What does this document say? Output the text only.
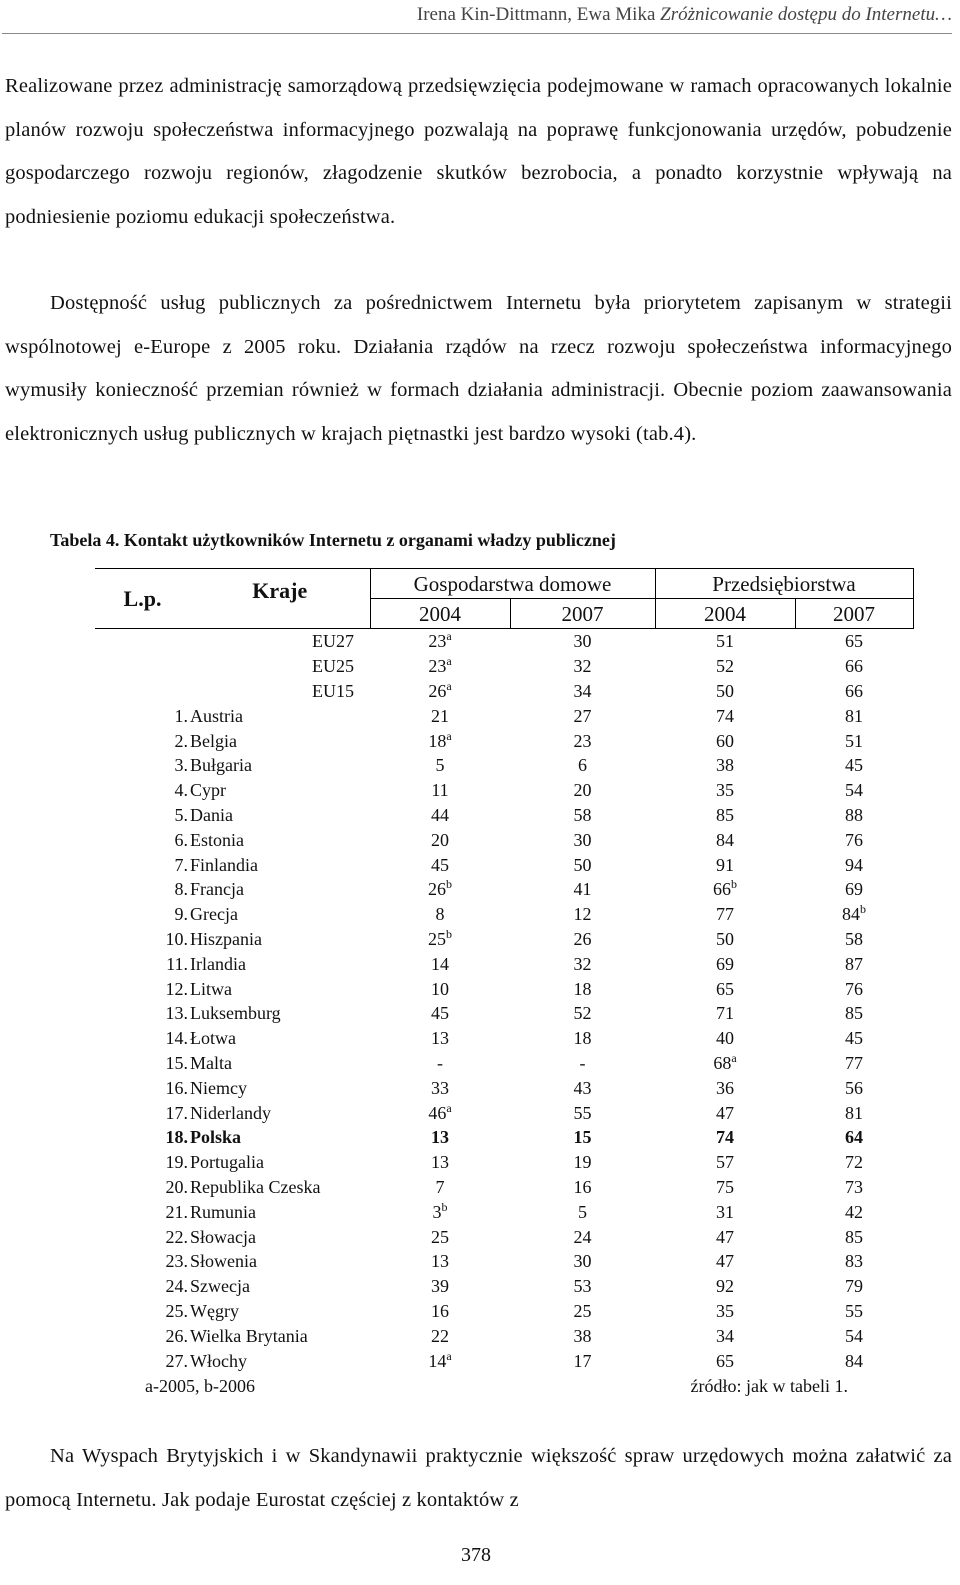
Irena Kin-Dittmann, Ewa Mika Zróżnicowanie dostępu do Internetu…
Realizowane przez administrację samorządową przedsięwzięcia podejmowane w ramach opracowanych lokalnie planów rozwoju społeczeństwa informacyjnego pozwalają na poprawę funkcjonowania urzędów, pobudzenie gospodarczego rozwoju regionów, złagodzenie skutków bezrobocia, a ponadto korzystnie wpływają na podniesienie poziomu edukacji społeczeństwa.
Dostępność usług publicznych za pośrednictwem Internetu była priorytetem zapisanym w strategii wspólnotowej e-Europe z 2005 roku. Działania rządów na rzecz rozwoju społeczeństwa informacyjnego wymusiły konieczność przemian również w formach działania administracji. Obecnie poziom zaawansowania elektronicznych usług publicznych w krajach piętnastki jest bardzo wysoki (tab.4).
Tabela 4. Kontakt użytkowników Internetu z organami władzy publicznej
L.p.	Kraje	Gospodarstwa domowe		Przedsiębiorstwa	
		2004	2007	2004	2007
	EU27	23$^a$	30	51	65
	EU25	23$^a$	32	52	66
	EU15	26$^a$	34	50	66
1.	Austria	21	27	74	81
2.	Belgia	18$^a$	23	60	51
3.	Bułgaria	5	6	38	45
4.	Cypr	11	20	35	54
5.	Dania	44	58	85	88
6.	Estonia	20	30	84	76
7.	Finlandia	45	50	91	94
8.	Francja	26$^b$	41	66$^b$	69
9.	Grecja	8	12	77	84$^b$
10.	Hiszpania	25$^b$	26	50	58
11.	Irlandia	14	32	69	87
12.	Litwa	10	18	65	76
13.	Luksemburg	45	52	71	85
14.	Łotwa	13	18	40	45
15.	Malta	-	-	68$^a$	77
16.	Niemcy	33	43	36	56
17.	Niderlandy	46$^a$	55	47	81
18.	Polska	13	15	74	64
19.	Portugalia	13	19	57	72
20.	Republika Czeska	7	16	75	73
21.	Rumunia	3$^b$	5	31	42
22.	Słowacja	25	24	47	85
23.	Słowenia	13	30	47	83
24.	Szwecja	39	53	92	79
25.	Węgry	16	25	35	55
26.	Wielka Brytania	22	38	34	54
27.	Włochy	14$^a$	17	65	84
a-2005, b-2006	źródło: jak w tabeli 1.
Na Wyspach Brytyjskich i w Skandynawii praktycznie większość spraw urzędowych można załatwić za pomocą Internetu. Jak podaje Eurostat częściej z kontaktów z
378
